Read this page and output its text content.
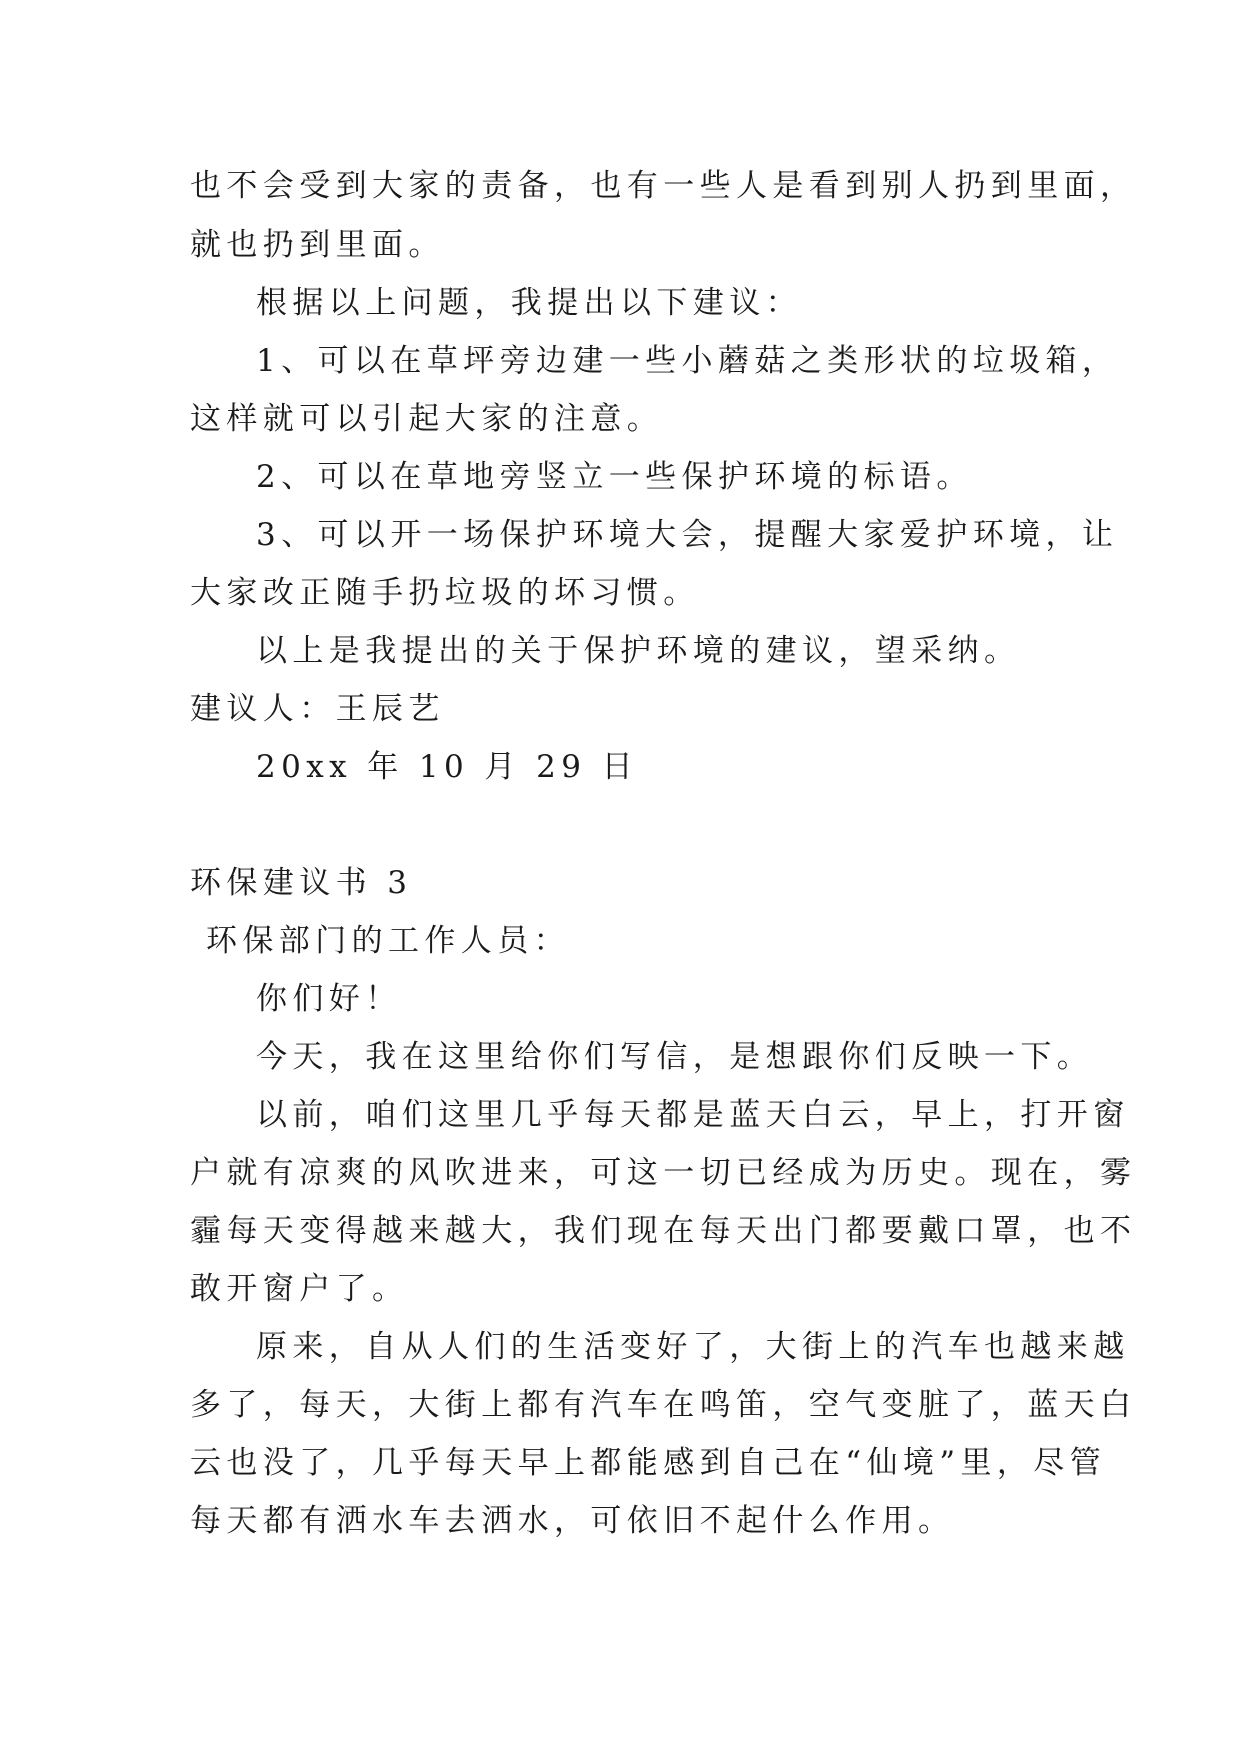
也不会受到大家的责备，也有一些人是看到别人扔到里面，
就也扔到里面。
根据以上问题，我提出以下建议：
1、可以在草坪旁边建一些小蘑菇之类形状的垃圾箱，
这样就可以引起大家的注意。
2、可以在草地旁竖立一些保护环境的标语。
3、可以开一场保护环境大会，提醒大家爱护环境，让
大家改正随手扔垃圾的坏习惯。
以上是我提出的关于保护环境的建议，望采纳。
建议人：王辰艺
20xx 年 10 月 29 日
环保建议书 3
环保部门的工作人员：
你们好！
今天，我在这里给你们写信，是想跟你们反映一下。
以前，咱们这里几乎每天都是蓝天白云，早上，打开窗
户就有凉爽的风吹进来，可这一切已经成为历史。现在，雾
霾每天变得越来越大，我们现在每天出门都要戴口罩，也不
敢开窗户了。
原来，自从人们的生活变好了，大街上的汽车也越来越
多了，每天，大街上都有汽车在鸣笛，空气变脏了，蓝天白
云也没了，几乎每天早上都能感到自己在“仙境”里，尽管
每天都有洒水车去洒水，可依旧不起什么作用。
